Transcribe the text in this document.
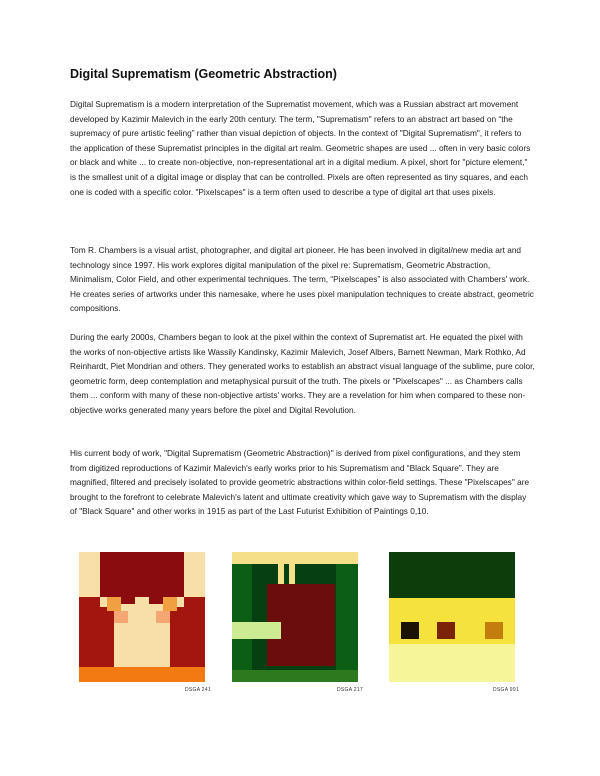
Digital Suprematism (Geometric Abstraction)

Digital Suprematism is a modern interpretation of the Suprematist movement, which was a Russian abstract art movement developed by Kazimir Malevich in the early 20th century. The term, "Suprematism" refers to an abstract art based on “the supremacy of pure artistic feeling” rather than visual depiction of objects. In the context of "Digital Suprematism", it refers to the application of these Suprematist principles in the digital art realm. Geometric shapes are used ... often in very basic colors or black and white ... to create non-objective, non-representational art in a digital medium. A pixel, short for "picture element," is the smallest unit of a digital image or display that can be controlled. Pixels are often represented as tiny squares, and each one is coded with a specific color. "Pixelscapes" is a term often used to describe a type of digital art that uses pixels.

Tom R. Chambers is a visual artist, photographer, and digital art pioneer. He has been involved in digital/new media art and technology since 1997. His work explores digital manipulation of the pixel re: Suprematism, Geometric Abstraction, Minimalism, Color Field, and other experimental techniques. The term, “Pixelscapes” is also associated with Chambers' work. He creates series of artworks under this namesake, where he uses pixel manipulation techniques to create abstract, geometric compositions.

During the early 2000s, Chambers began to look at the pixel within the context of Suprematist art. He equated the pixel with the works of non-objective artists like Wassily Kandinsky, Kazimir Malevich, Josef Albers, Barnett Newman, Mark Rothko, Ad Reinhardt, Piet Mondrian and others. They generated works to establish an abstract visual language of the sublime, pure color, geometric form, deep contemplation and metaphysical pursuit of the truth. The pixels or "Pixelscapes" ... as Chambers calls them ... conform with many of these non-objective artists' works. They are a revelation for him when compared to these non-objective works generated many years before the pixel and Digital Revolution.

His current body of work, "Digital Suprematism (Geometric Abstraction)" is derived from pixel configurations, and they stem from digitized reproductions of Kazimir Malevich's early works prior to his Suprematism and “Black Square”. They are magnified, filtered and precisely isolated to provide geometric abstractions within color-field settings. These "Pixelscapes" are brought to the forefront to celebrate Malevich's latent and ultimate creativity which gave way to Suprematism with the display of "Black Square" and other works in 1915 as part of the Last Futurist Exhibition of Paintings 0,10.

DSGA 241	DSGA 217	DSGA 991
